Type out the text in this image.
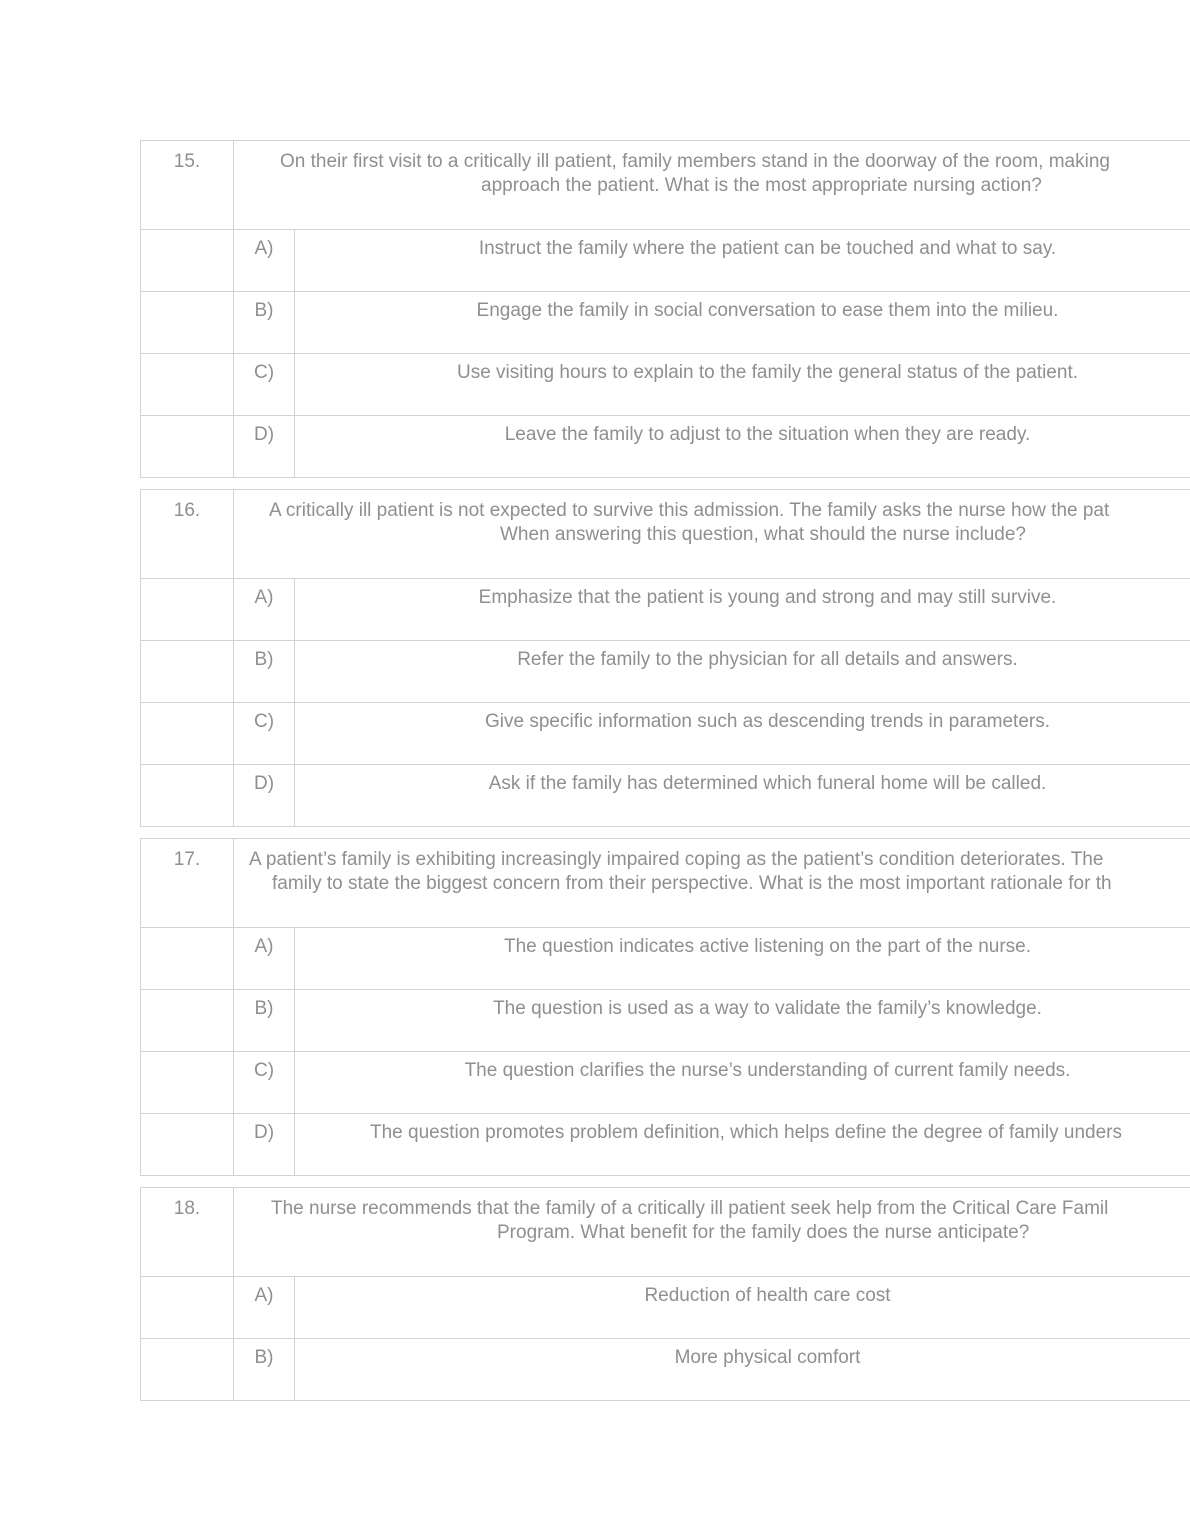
15.	On their first visit to a critically ill patient, family members stand in the doorway of the room, making
approach the patient. What is the most appropriate nursing action?	

	A)	Instruct the family where the patient can be touched and what to say.
	B)	Engage the family in social conversation to ease them into the milieu.
	C)	Use visiting hours to explain to the family the general status of the patient.
	D)	Leave the family to adjust to the situation when they are ready.
16.	A critically ill patient is not expected to survive this admission. The family asks the nurse how the pat
When answering this question, what should the nurse include?	

	A)	Emphasize that the patient is young and strong and may still survive.
	B)	Refer the family to the physician for all details and answers.
	C)	Give specific information such as descending trends in parameters.
	D)	Ask if the family has determined which funeral home will be called.
17.	A patient’s family is exhibiting increasingly impaired coping as the patient’s condition deteriorates. The
family to state the biggest concern from their perspective. What is the most important rationale for th	

	A)	The question indicates active listening on the part of the nurse.
	B)	The question is used as a way to validate the family’s knowledge.
	C)	The question clarifies the nurse’s understanding of current family needs.
	D)	The question promotes problem definition, which helps define the degree of family unders
18.	The nurse recommends that the family of a critically ill patient seek help from the Critical Care Famil
Program. What benefit for the family does the nurse anticipate?	

	A)	Reduction of health care cost
	B)	More physical comfort
